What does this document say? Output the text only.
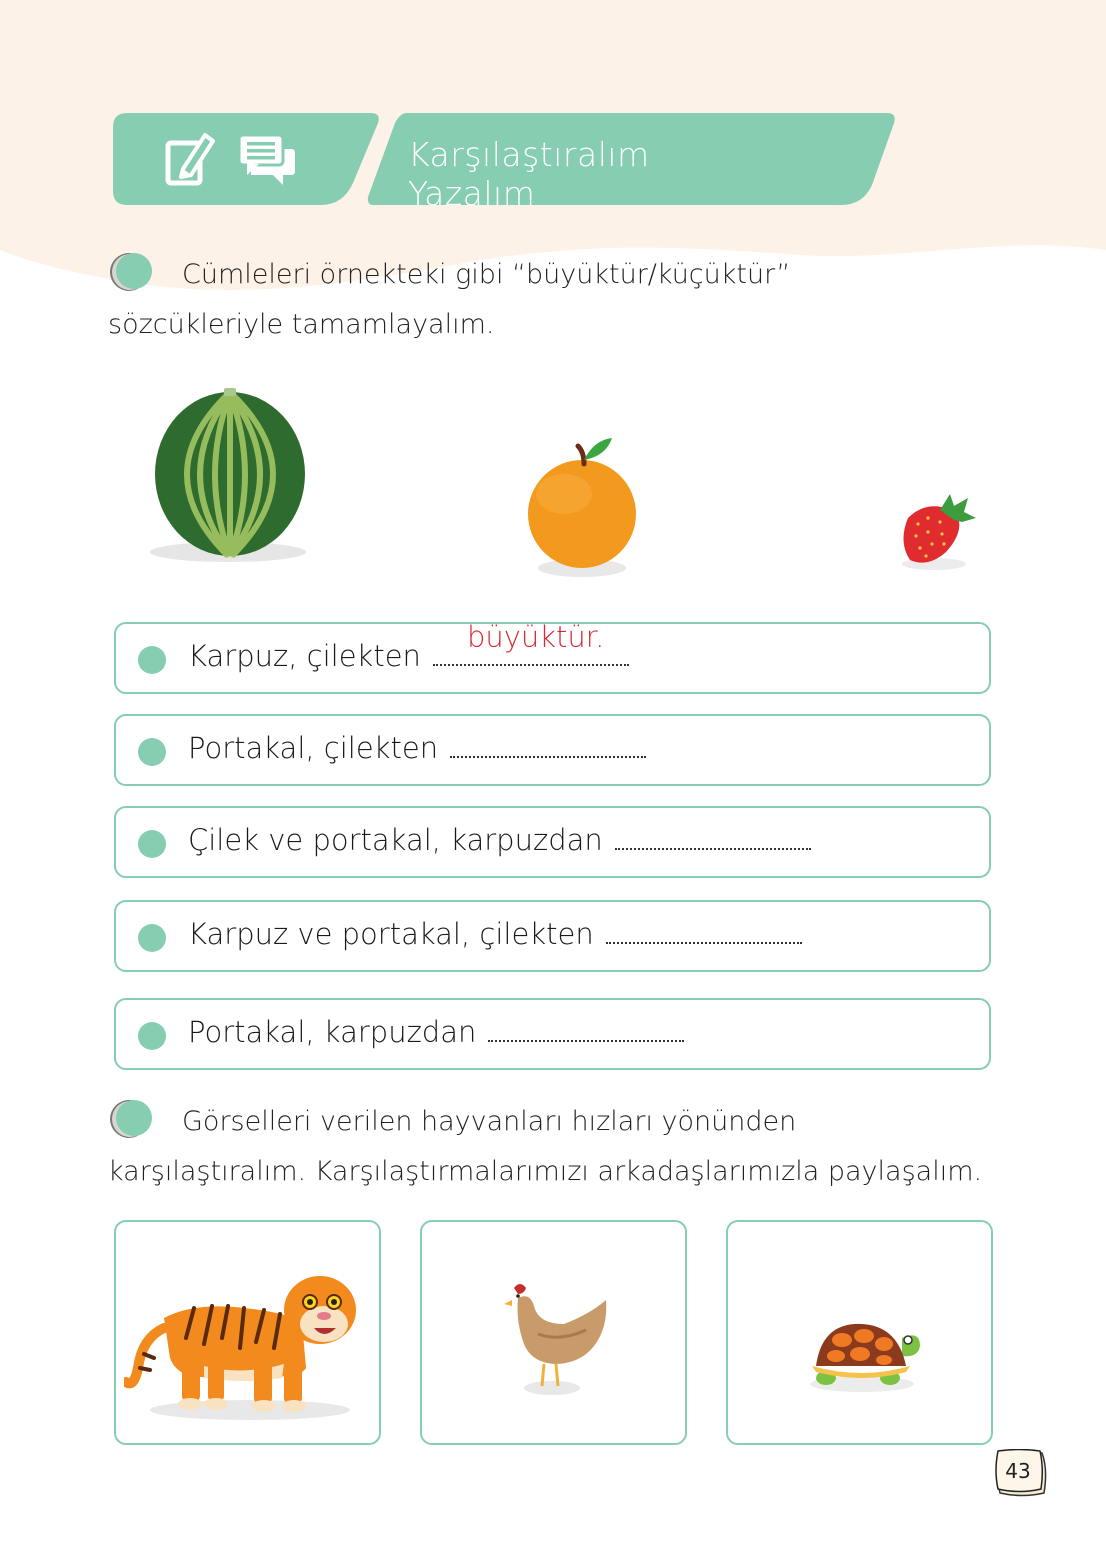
Karşılaştıralım Yazalım
Cümleleri örnekteki gibi “büyüktür/küçüktür” sözcükleriyle tamamlayalım.
Karpuz, çilekten
büyüktür.
Portakal, çilekten
Çilek ve portakal, karpuzdan
Karpuz ve portakal, çilekten
Portakal, karpuzdan
Görselleri verilen hayvanları hızları yönünden karşılaştıralım. Karşılaştırmalarımızı arkadaşlarımızla paylaşalım.
43
